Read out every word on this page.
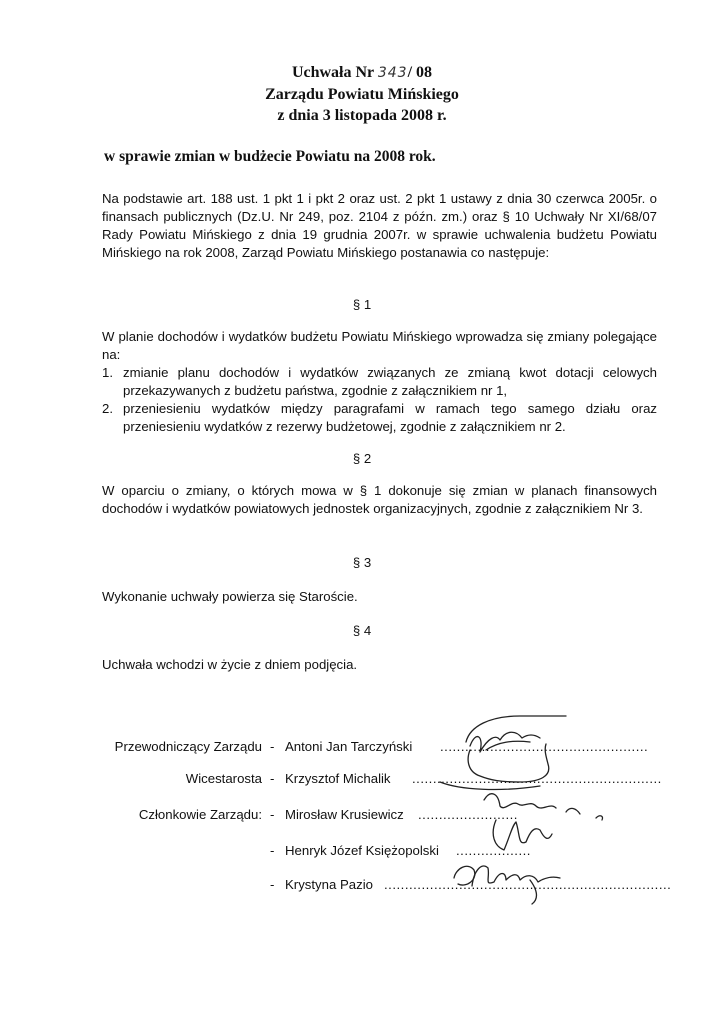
Uchwała Nr 343/ 08
Zarządu Powiatu Mińskiego
z dnia 3 listopada 2008 r.
w sprawie zmian w budżecie Powiatu na 2008 rok.
Na podstawie art. 188 ust. 1 pkt 1 i pkt 2 oraz ust. 2 pkt 1 ustawy z dnia 30 czerwca 2005r. o finansach publicznych (Dz.U. Nr 249, poz. 2104 z późn. zm.) oraz § 10 Uchwały Nr XI/68/07 Rady Powiatu Mińskiego z dnia 19 grudnia 2007r. w sprawie uchwalenia budżetu Powiatu Mińskiego na rok 2008, Zarząd Powiatu Mińskiego postanawia co następuje:
§ 1
W planie dochodów i wydatków budżetu Powiatu Mińskiego wprowadza się zmiany polegające na:
1. zmianie planu dochodów i wydatków związanych ze zmianą kwot dotacji celowych przekazywanych z budżetu państwa, zgodnie z załącznikiem nr 1,
2. przeniesieniu wydatków między paragrafami w ramach tego samego działu oraz przeniesieniu wydatków z rezerwy budżetowej, zgodnie z załącznikiem nr 2.
§ 2
W oparciu o zmiany, o których mowa w § 1 dokonuje się zmian w planach finansowych dochodów i wydatków powiatowych jednostek organizacyjnych, zgodnie z załącznikiem Nr 3.
§ 3
Wykonanie uchwały powierza się Staroście.
§ 4
Uchwała wchodzi w życie z dniem podjęcia.
Przewodniczący Zarządu - Antoni Jan Tarczyński ..................................................
Wicestarosta - Krzysztof Michalik ............................................................
Członkowie Zarządu: - Mirosław Krusiewicz ........................
- Henryk Józef Księżopolski ..................
- Krystyna Pazio .....................................................................
